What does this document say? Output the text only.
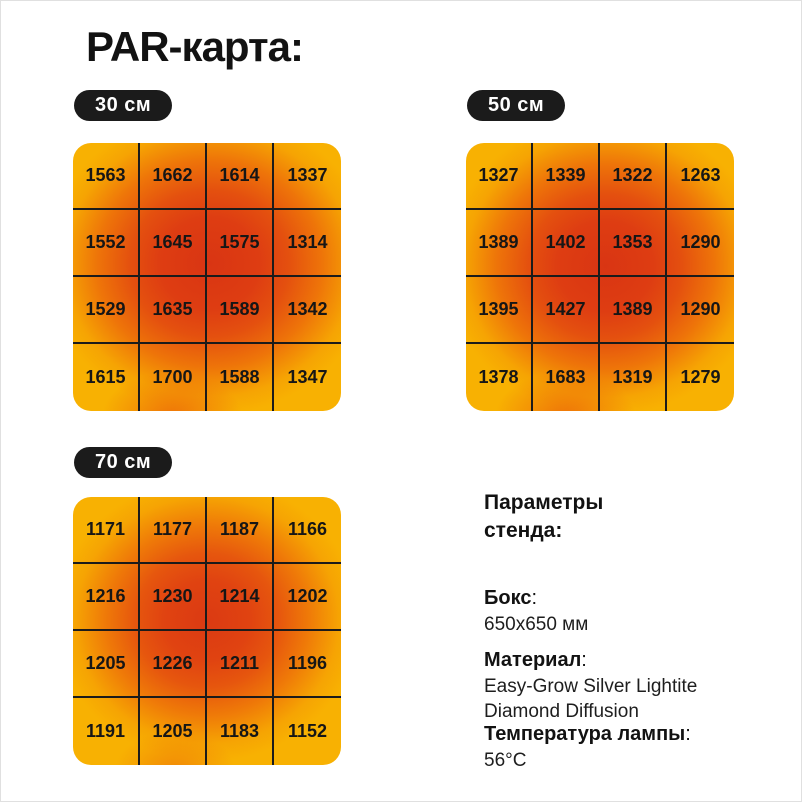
PAR-карта:
30 см	50 см
70 см
1563	1662	1614	1337
1552	1645	1575	1314
1529	1635	1589	1342
1615	1700	1588	1347
1327	1339	1322	1263
1389	1402	1353	1290
1395	1427	1389	1290
1378	1683	1319	1279
1171	1177	1187	1166
1216	1230	1214	1202
1205	1226	1211	1196
1191	1205	1183	1152
Параметры стенда:
Бокс:
650x650 мм
Материал:
Easy-Grow Silver Lightite Diamond Diffusion
Температура лампы:
56°C
